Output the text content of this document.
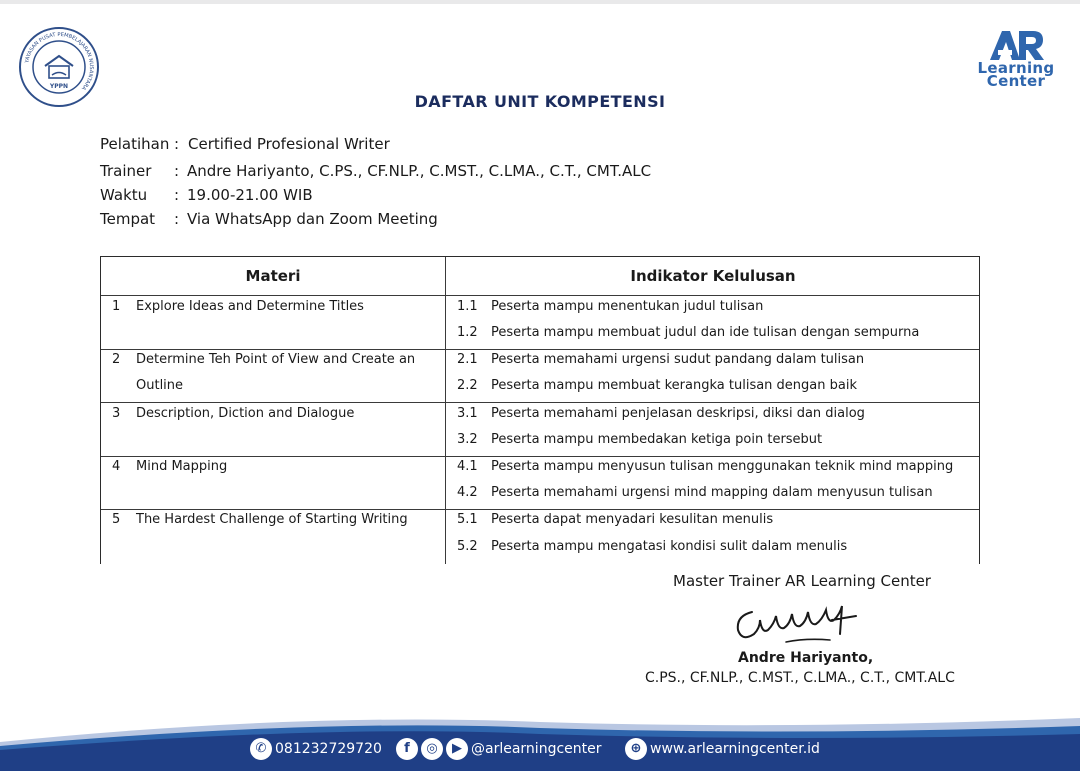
YAYASAN PUSAT PEMBELAJARAN NUSANTARA
YPPN
Learning
Center
DAFTAR UNIT KOMPETENSI
Pelatihan : Certified Profesional Writer
Trainer : Andre Hariyanto, C.PS., CF.NLP., C.MST., C.LMA., C.T., CMT.ALC
Waktu : 19.00-21.00 WIB
Tempat : Via WhatsApp dan Zoom Meeting
Materi	Indikator Kelulusan
1 Explore Ideas and Determine Titles	1.1 Peserta mampu menentukan judul tulisan
1.2 Peserta mampu membuat judul dan ide tulisan dengan sempurna
2 Determine Teh Point of View and Create an
Outline
2.1 Peserta memahami urgensi sudut pandang dalam tulisan
2.2 Peserta mampu membuat kerangka tulisan dengan baik
3 Description, Diction and Dialogue	3.1 Peserta memahami penjelasan deskripsi, diksi dan dialog
3.2 Peserta mampu membedakan ketiga poin tersebut
4 Mind Mapping	4.1 Peserta mampu menyusun tulisan menggunakan teknik mind mapping
4.2 Peserta memahami urgensi mind mapping dalam menyusun tulisan
5 The Hardest Challenge of Starting Writing	5.1 Peserta dapat menyadari kesulitan menulis
5.2 Peserta mampu mengatasi kondisi sulit dalam menulis
Master Trainer AR Learning Center
Andre Hariyanto,
C.PS., CF.NLP., C.MST., C.LMA., C.T., CMT.ALC
✆ 081232729720	f	◎	▶ @arlearningcenter	⊕ www.arlearningcenter.id
